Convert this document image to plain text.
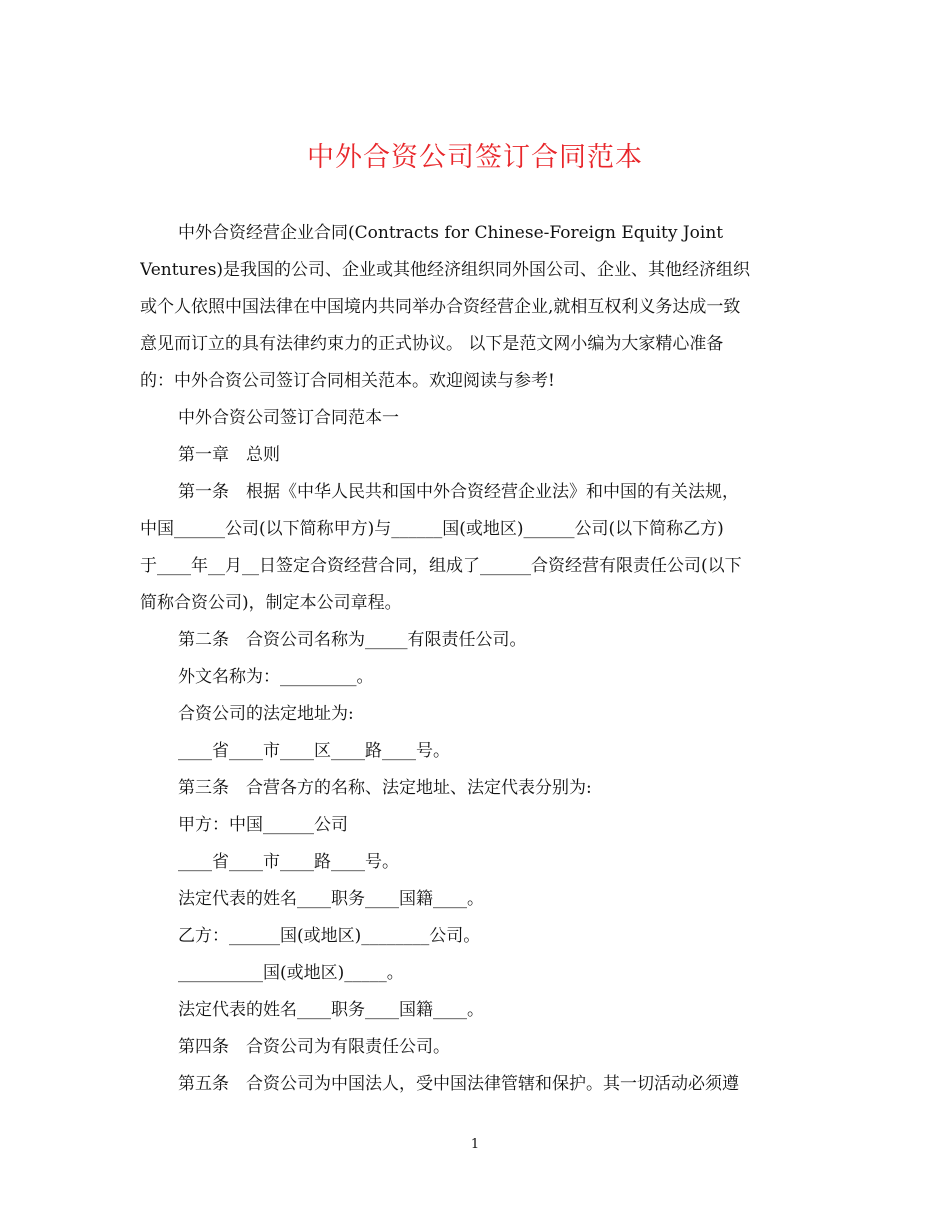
中外合资公司签订合同范本

中外合资经营企业合同(Contracts for Chinese-Foreign Equity Joint

Ventures)是我国的公司、企业或其他经济组织同外国公司、企业、其他经济组织

或个人依照中国法律在中国境内共同举办合资经营企业,就相互权利义务达成一致

意见而订立的具有法律约束力的正式协议。 以下是范文网小编为大家精心准备

的：中外合资公司签订合同相关范本。欢迎阅读与参考!

中外合资公司签订合同范本一

第一章　总则

第一条　根据《中华人民共和国中外合资经营企业法》和中国的有关法规，

中国______公司(以下简称甲方)与______国(或地区)______公司(以下简称乙方)

于____年__月__日签定合资经营合同，组成了______合资经营有限责任公司(以下

简称合资公司)，制定本公司章程。

第二条　合资公司名称为_____有限责任公司。

外文名称为：_________。

合资公司的法定地址为:

____省____市____区____路____号。

第三条　合营各方的名称、法定地址、法定代表分别为:

甲方：中国______公司

____省____市____路____号。

法定代表的姓名____职务____国籍____。

乙方：______国(或地区)________公司。

__________国(或地区)_____。

法定代表的姓名____职务____国籍____。

第四条　合资公司为有限责任公司。

第五条　合资公司为中国法人，受中国法律管辖和保护。其一切活动必须遵

1
